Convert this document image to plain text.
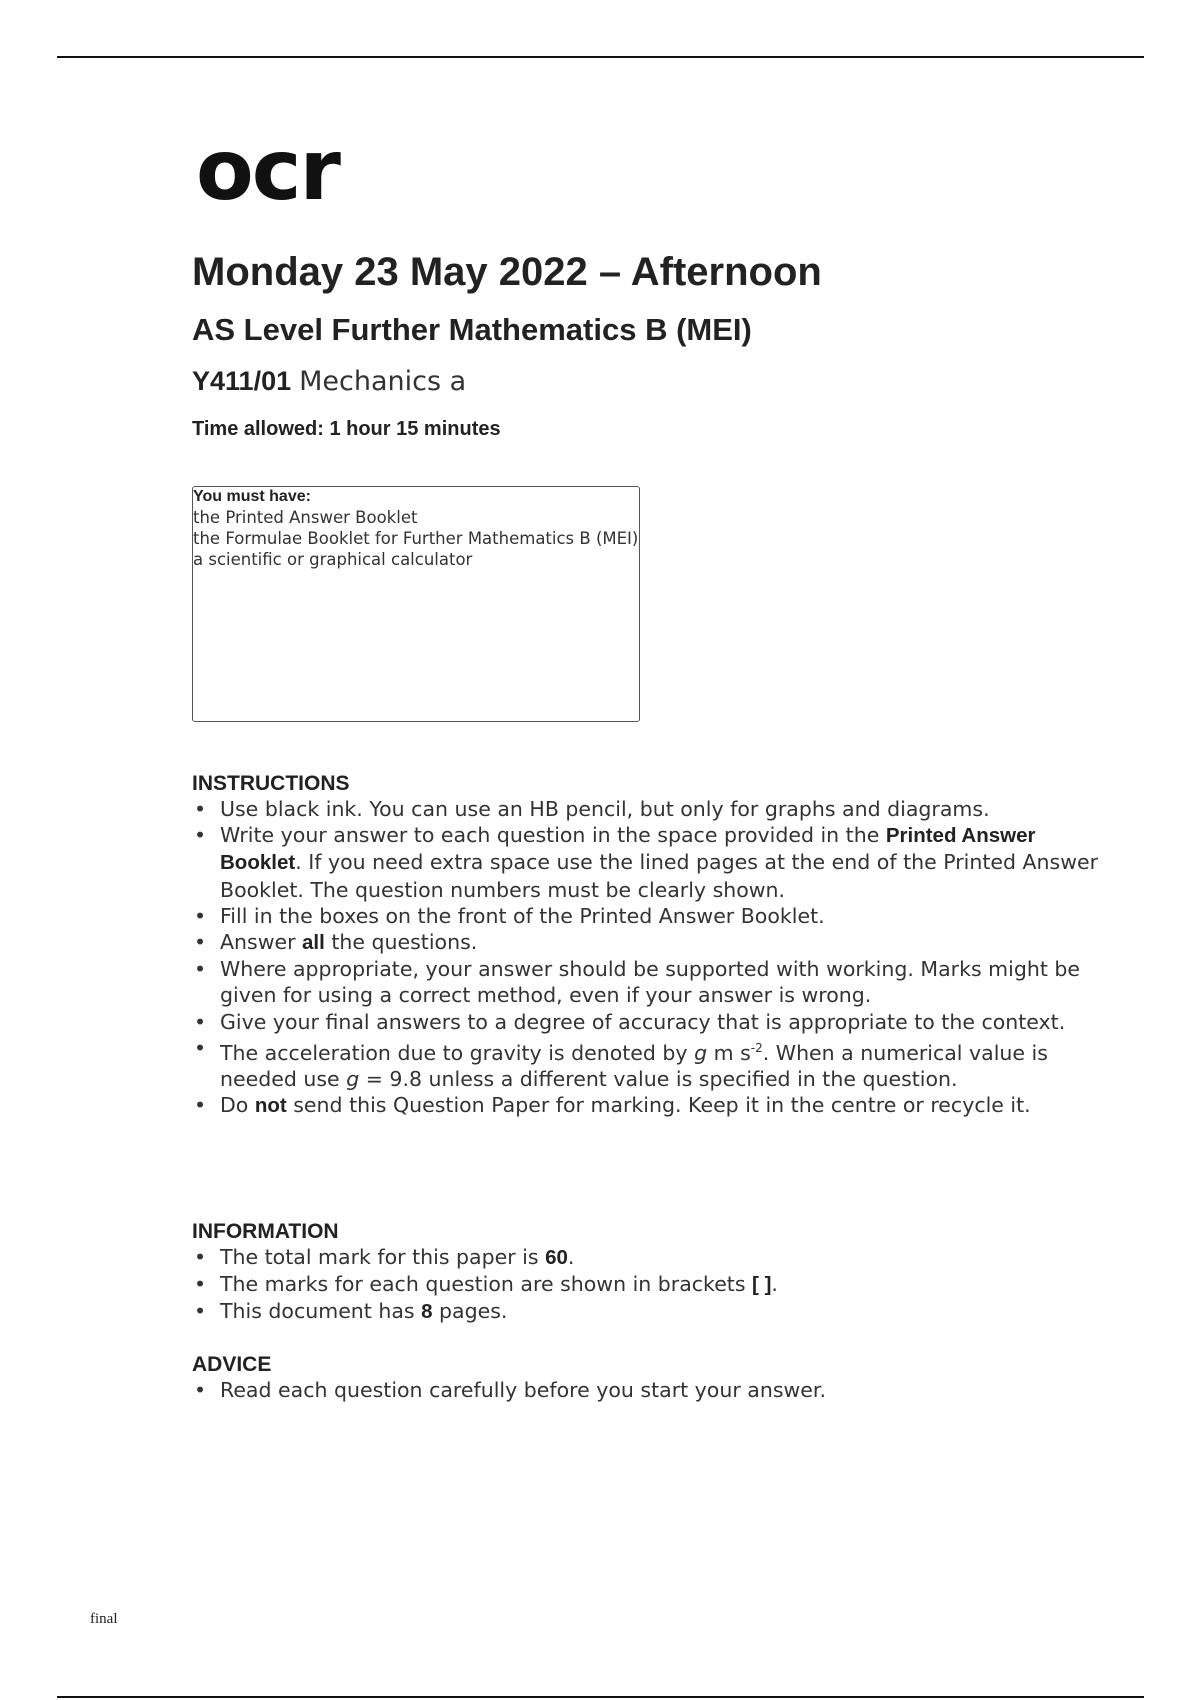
ocr
Monday 23 May 2022 – Afternoon
AS Level Further Mathematics B (MEI)
Y411/01 Mechanics a
Time allowed: 1 hour 15 minutes
You must have:
the Printed Answer Booklet
the Formulae Booklet for Further Mathematics B (MEI)
a scientific or graphical calculator
INSTRUCTIONS
• Use black ink. You can use an HB pencil, but only for graphs and diagrams.
• Write your answer to each question in the space provided in the Printed Answer Booklet. If you need extra space use the lined pages at the end of the Printed Answer Booklet. The question numbers must be clearly shown.
• Fill in the boxes on the front of the Printed Answer Booklet.
• Answer all the questions.
• Where appropriate, your answer should be supported with working. Marks might be given for using a correct method, even if your answer is wrong.
• Give your final answers to a degree of accuracy that is appropriate to the context.
• The acceleration due to gravity is denoted by g m $s^{-2}$. When a numerical value is needed use g = 9.8 unless a different value is specified in the question.
• Do not send this Question Paper for marking. Keep it in the centre or recycle it.
INFORMATION
• The total mark for this paper is 60.
• The marks for each question are shown in brackets [ ].
• This document has 8 pages.
ADVICE
• Read each question carefully before you start your answer.
final
